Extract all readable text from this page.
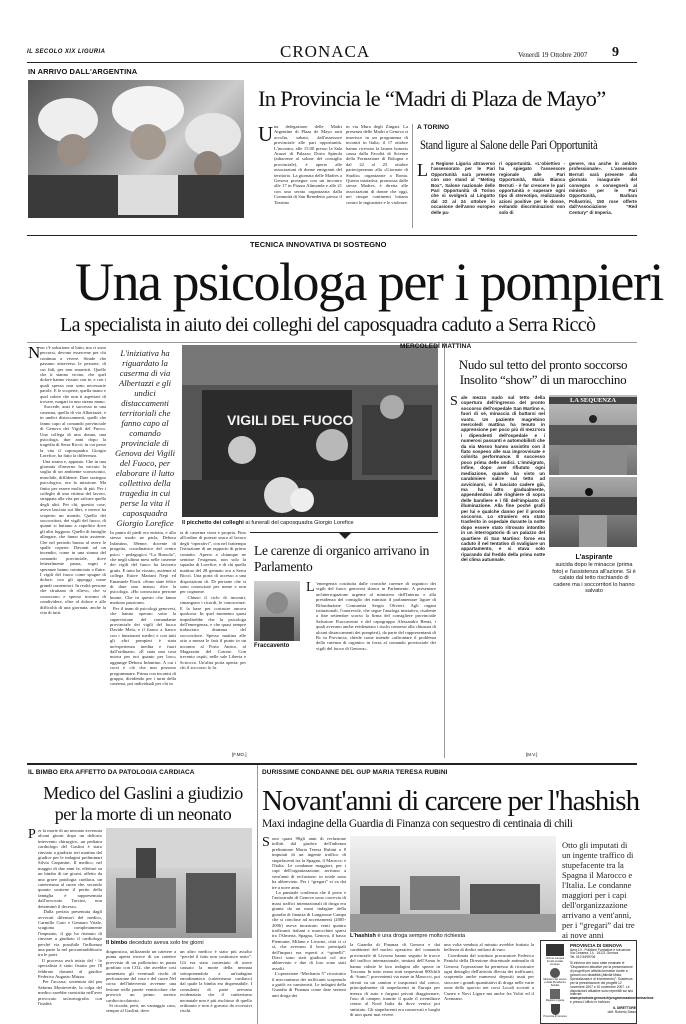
IL SECOLO XIX LIGURIA	CRONACA	Venerdì 19 Ottobre 2007 9
IN ARRIVO DALL'ARGENTINA
In Provincia le “Madri di Plaza de Mayo”
U na delegazione delle Madri Argentine di Plaza de Mayo sarà accolta, sabato, dall'assessore provinciale alle pari opportunità. L'incontro, alle 15.00 presso la Sala Arazzi di Palazzo Doria Spinola (adiacente al salone del consiglio provinciale), è aperto alle associazioni di donne emigranti del territorio. La giornata delle Madres a Genova prosegue con un incontro alle 17 in Piazza Alimonda e alle 21 con una serata organizzata dalla Comunità di San Benedetto presso il Teatrino
in via Mura degli Zingari. La presenza delle Madri a Genova si inserisce in un programma di incontri in Italia; il 17 ottobre hanno ricevuto la laurea honoris causa dalla Facoltà di Scienze della Formazione di Bologna e dal 22 al 25 ottobre parteciperanno alla «Giornate di Studio» organizzate a Roma. Questa iniziativa, promossa dalle stesse Madres, è diretta alle associazioni di donne che oggi, nei cinque continenti lottano contro le ingiustizie e le violenze.
A TORINO
Stand ligure al Salone delle Pari Opportunità
L a Regione Liguria attraverso l'assessorato per le Pari Opportunità sarà presente con uno stand al “Meting Box”, Salone nazionale delle Pari Opportunità di Torino che si svolgerà al Lingotto dal 22 al 24 ottobre in occasione dell'anno europeo delle pa-
ri opportunità. «L'obiettivo - ha spiegato l'assessore regionale alle Pari Opportunità, Maria Bianca Berruti - è far crescere le pari opportunità e superare ogni tipo di stereotipo, realizzando azioni positive per le donne, evitando discriminazioni non solo di
genere, ma anche in ambito professionale». L'assessore Berruti sarà presente alla giornata inaugurale del convegno e consegnerà al ministro per le Pari Opportunità, Barbara Pollastrini, 150 rose offerte dall'Associazione “Red Century” di Imperia.
TECNICA INNOVATIVA DI SOSTEGNO
Una psicologa per i pompieri
La specialista in aiuto dei colleghi del caposquadra caduto a Serra Riccò
N on c'è soluzione al lutto, ma ci sono percorsi, devono essercene per chi continua a vivere. Strade che passano attraverso le persone, di cui fidi, per non smarrirti. Quelle che ti stanno vicino, che quel dolore hanno vissuto con te, e con i quali spesso non sono necessarie parole. E le scoperte, quella mano e quel calore che non ti aspettavi di trovare, magari in uno strano mano.
Succede, anzi è successo in una caserma, quella di via Albertazzi, e in undici distaccamenti, quelli che fanno capo al comando provinciale di Genova dei Vigili del Fuoco. Una collega di una donna, una psicologa, due anni dopo la tragedia di Serra Riccò, in cui perse la vita il caposquadra Giorgio Lorefice, ha fatto la differenza.
Una strana e, appunto. Che in una giornata d'inverno ha varcato la soglia di un ambiente sconosciuto, maschile, diffidente. Dare sostegno psicologico, era la missione. Ma finito per essere molto di più. Per i colleghi di una vittima del lavoro, strappata alla vita per salvare quella degli altri. Per chi, quesito cose, aveva lasciato sui libri, e invece ha scoperto un mondo. Quello dei soccorritori, dei vigili del fuoco, di quanti si buttano a capofitto dove gli altri fuggono. Quello di famiglie allargate, che fanno tutto assieme. Che nel periodo buono al avere le spalle coperte. Davanti ad un incendio, come in una stanza del comando provinciale, dove letteralmente paura, sogni e speranze hanno cominciato a fluire. I vigili del fuoco come spugne di dolore, con gli appoggi come grandi contenitori. In realtà persone che sfruttano di rilievo, che si conoscono e spesso trovano di condividere, oltre al dolore e alle difficoltà di una giornata, anche la vita di tutti.
L'iniziativa ha riguardato la caserma di via Albertazzi e gli undici distaccamenti territoriali che fanno capo al comando provinciale di Genova dei Vigili del Fuoco, per elaborare il lutto collettivo della tragedia in cui perse la vita il caposquadra Giorgio Lorefice
VIGILI DEL FUOCO
Il picchetto dei colleghi ai funerali del caposquadra Giorgio Lorefice
In punta di piedi era entrata, e allo stesso modo ne parla, Debora Infantino, 38enne, docente di progetto, coordinatrice del centro psico - pedagogico “La Bussola”, che negli ultimi mesi nelle caserme dei vigili del fuoco ha lavorato gratis. E tutto ha vissuto, assieme al collega Ettore Mariani Nepi ed Emanuele Fiorit. «Sono state felice di dare una mano» dice la psicologa. «Ho conosciuto persone buone. Che in questo che fanno mettono passione».
Per il team di psicologi genovesi, che hanno operato sotto la supervisione del comandante provinciale dei vigili del fuoco Davide Meta, e il fianco a fianco con i funzionari medici e con tutti gli altri pompieri è stata un'esperienza inedita e fuori dall'ordinario. «È stata una cosa nuova per noi quanto per loro» aggiunge Debora Infantino. A cui i corsi e ciò che non possono programmare. Prima con incontri di gruppo, dividendo per i turni della caserma, poi individuali per chi in
ta di caserma viera e propria. Fino all'ordine di poterai seara al lavoro degli “operativi”, con nel frattempo l'istruzione di un rapporto di primo contatto. Aperto a chiunque ne sentisse l'esigenza, non solo la squadra di Lorefice, e di chi quella mattina del 28 gennaio era a Serra Riccò. Una porta di accesso a una disposizioni di. Di persone che si sono conosciute per nome e non per cognome.
Chiuso il ciclo di incontri, rimangono i ricordi, le conoscenze. E la base per costruire ancora qualcosa. In quel momento quasi impedirebbe che la psicologa dell'emergenza, e che quasi sempre tralasciato dramma del soccorritore. Spesso mattina alle otto a mezza le farà il punto in un incontro al Porto Antico, al Magazzini del Cotone. Con trecento ospiti, nelle sale Liberta e Scirocco. Un'altra porta aperta; per chi il soccorso lo fa.
[F.MO.]
Le carenze di organico arrivano in Parlamento
Fraccavento
L 'emergenza costituita dalle croniche carenze di organico dei vigili del fuoco genovesi sbarca in Parlamento. A presentare un'interrogazione urgente al ministero dell'Interno e alla presidenza del consiglio dei ministri il parlamentare ligure di Rifondazione Comunista Sergio Olivieri. Agli organi istituzionali, l'onorevole, che segue l'analoga iniziativa, risalente a fine settembre scorso la firma del consigliere provinciale Salvatore Fraccavento e del capogruppo Alessandro Benzi, i quali avevano anche evidenziato i rischi connessi alla chiusura di alcuni distaccamenti dei pompieri), da parte del rappresentanti di Rc in Provincia, chiede come intende «affrontare il problema della carenza di organico in forza al comando provinciale dei vigili del fuoco di Genova».
MERCOLEDÌ MATTINA
Nudo sul tetto del pronto soccorso Insolito “show” di un marocchino
S ale mezzo nudo sul tetto della copertura dell'ingresso del pronto soccorso dell'ospedale San Martino e, fuori di sé, minaccia di buttarsi nel vuoto. Un paziente magrebino mercoledì mattina ha tenuto in apprensione per poco più di mezz'ora i dipendenti dell'ospedale e i numerosi passanti e automobilisti che da via Mosso hanno assistito con il fiato sospeso alle sua improvvisate e colorita performance. È successo poco prima delle undici. L'immigrato, infine, dopo aver rifiutato ogni mediazione, quando ha visto un carabiniere salire sul tetto ad avvicinarsi, si è lasciato cadere giù, ma ha fatto gradualmente, appendendosi alle ringhiere di sopra delle bandiere e i fili dell'impianto di illuminazione. Alla fine poché grafii per lui e qualche danno per il pronto soccorso. Lo straniero era stato trasferito in ospedale durante la notte dopo essere stato ritrovato intontito in un interrogatorio di un palazzo del quartiere di San Martino: forse era caduto il nel tentativo di svaligiare un appartamento, e si stava solo riparando dal freddo della prima notte del clima autunnale.
[M.V.]
LA SEQUENZA
L'aspirante
suicida dopo le minacce (prima foto) e l'assistenza all'azione. Si è calato dal tetto rischiando di cadere ma i soccorritori lo hanno salvato
IL BIMBO ERA AFFETTO DA PATOLOGIA CARDIACA
Medico del Gaslini a giudizio per la morte di un neonato
P er la morte di un neonato avvenuta alcuni giorni dopo un delicato intervento chirurgico, un pediatra cardiologo del Gaslini è stato rinviato a giudizio ieri mattina dal giudice per le indagini preliminari Silvia Carpanini. Il medico, nel maggio di due anni fa, effettuò su un bimbo di tre giorni, affetto da una grave patologia cardiaca, un cateterismo al cuore che, secondo quanto sostiene il perito della famiglia è rappresentata dall'avvocato Taccini, non determinò il decesso.
Dalla perizia presentata dagli avvocati difensori del medico, Carmillo Curo e Gennaro Vitale, scagiona completamente l'imputato, il gip ha ritenuto di rinviare a giudizio il cardiologo perché via possibile l'influenza una parte la nel procontraddittorio tra le parti.
Il processo avrà inizio del - lo specialista è stato fissato per l'8 febbraio davanti al giudice Federico Augusto Mazza.
Per l'accusa, sostenuta dal pm Sabrina Monteverde, la colpa del medico sarebbe consistita nell'aver provocato un'aortografia con l'inalità
Il bimbo deceduto aveva solo tre giorni
diagnostica, utilizzando un catetere a punta aperta invece di un catetere provvisto di un palloncino in punta gonfiato con CO2, che avrebbe così aumentato gli eventuali rischi di perforazione del vaso e del cuore Nel corso dell'intervento avvenne una lesione nella parete ventricolare che provocò un primo arresto cardiocircolatorio.
Si ricorda, però, un vantaggio caso, sempre al Gaslini, dove
un altro medico è stato più assolto “perché il fatto non costituisce reato”. Gli era stato contestato di avere causato la morte della neonata sottoponendola a un'indagine emodinamica (cateterismo cardiaco) dal quale la bimba era dispensabile. I consulenti di parte avevano evidenziato che il cateterismo neonatale non è più rischioso di quello ordinario e non è gravato da eccessivi rischi.
DURISSIME CONDANNE DEL GUP MARIA TERESA RUBINI
Novant'anni di carcere per l'hashish
Maxi indagine della Guardia di Finanza con sequestro di centinaia di chili
S ono quasi 90gli anni di reclusione inflitti dal giudice dell'udienza preliminare Maria Teresa Rubini a 8 imputati di un ingente traffico di stupefacenti tra la Spagna, il Marocco e l'Italia. Le condanne maggiori, per i capi dell'organizzazione, arrivano a vent'anni di reclusione; in totale sono ha abbreviato. Per i “gregari” si va dai tre a nove anni.
La puntuale conferma che il porto e l'autostrada di Genova sono crocevia di maxi traffici internazionali di droga era giunta da un maxi indagine della guardia di finanza di Lungarone Campa che si concluse ad accertamenti (2005-2006) aveva incastrato venti quattro trafficanti italiani e marocchini sparsi tra l'Almeria, Spagna, Genova, il basso Piemonte, Milano e Livorno, città ci ci si, che avevano il boss principali dell'import era esperti a “spinelli”. Dieci sono stati giudicati col rito abbreviato e due di loro sono stati assolti.
L'operazione “Mechanix 5” ricostruito il meccanismo dei trafficanti scoprendo a guidi: ex camionisti. Le indagini della Guardia di Finanza come date sezioni anti droga dei
L'hashish è una droga sempre molto richiesta
la Guardia di Finanza di Genova e dai carabinieri del nucleo operativo del comando provinciale di Livorno hanno seguito le tracce del traffico internazionale, rimitati dell'Arma le hanno ridotte le loro indagini alle spezie in Toscana. In tutto erano stati sequestrati 800chili di “fumo”, provenienti via mare in Marocco, poi stivati su un camion e trasportati dal carico, principalmente di stupefacenti in Europa per mezzo di auto e furgoni privati diaggiornare, l'uso di camper, tramite il quale il rivenditore centro al Nord Italia da dove veniva poi smistato. Gli stupefacenti era conservati e luoghi di non quasi mai vivere.
una volta venduta al minuto avrebbe fruttato la bellezza di dodici milioni di euro.
Coordinata dal sostituto procuratore Federico Panichi della Direzione distrettuale antimafia di Genova, l'operazione ha permesso di ricostruire ogni dettaglio dell'attività illecita dei trafficanti, scoprendo anche numerosi depositi usati per stoccare i grandi quantitativi di droga nelle varie zone dello spaccio nei corsi Locali scovati a Cuneo e Novi Ligure ma anche fra Voltri ed il Arenzano.
Otto gli imputati di un ingente traffico di stupefacente tra la Spagna il Marocco e l'Italia. Le condanne maggiori per i capi dell'organizzazione arrivano a vent'anni, per i “gregari” dai tre ai nove anni
Unione europea Fondo sociale europeo
Ministero del Lavoro e della Previdenza Sociale
Regione Liguria
Provincia di Genova
PROVINCIA DI GENOVA
Area 10 - Politiche Formative e Istruzione
Via Cesarea, 14 - 16121 Genova
Tel. 010 5499706
Si informa che sono state emanate le “Disposizioni attuative per la presentazione di progetti per attività formative rivolte a giovani con disabilità (Attività Misia, Specializzata e di Inserimento)”. Scadenza per la presentazione dei progetti 12 novembre 2007 e 10 novembre 2007. Le disposizioni attuative sono reperibili sul sito Internet:
www.provincia.genova.it/programmazioneformazione
e presso l'ufficio in indirizzo
IL DIRETTORE
dott. Roberto Diaso
